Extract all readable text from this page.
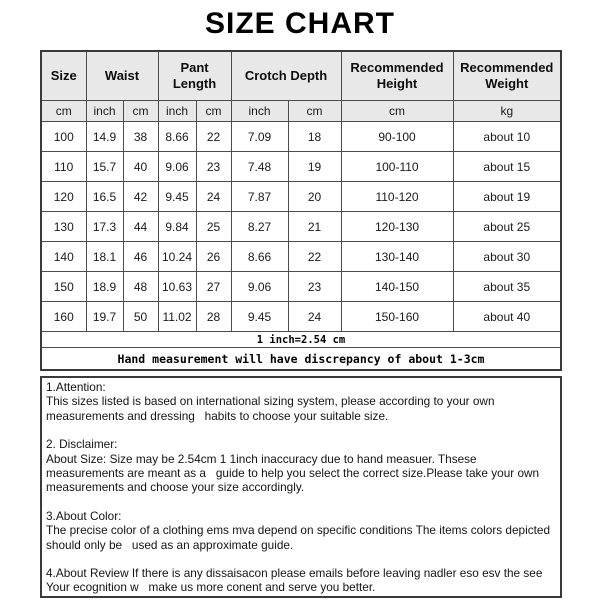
SIZE CHART
Size	Waist		Pant Length		Crotch Depth		Recommended Height	Recommended Weight
cm	inch	cm	inch	cm	inch	cm	cm	kg
100	14.9	38	8.66	22	7.09	18	90-100	about 10
110	15.7	40	9.06	23	7.48	19	100-110	about 15
120	16.5	42	9.45	24	7.87	20	110-120	about 19
130	17.3	44	9.84	25	8.27	21	120-130	about 25
140	18.1	46	10.24	26	8.66	22	130-140	about 30
150	18.9	48	10.63	27	9.06	23	140-150	about 35
160	19.7	50	11.02	28	9.45	24	150-160	about 40
1 inch=2.54 cm								
Hand measurement will have discrepancy of about 1-3cm								
1.Attention:
This sizes listed is based on international sizing system, please according to your own measurements and dressing   habits to choose your suitable size.
2. Disclaimer:
About Size: Size may be 2.54cm 1 1inch inaccuracy due to hand measuer. Thsese measurements are meant as a   guide to help you select the correct size.Please take your own measurements and choose your size accordingly.
3.About Color:
The precise color of a clothing ems mva depend on specific conditions The items colors depicted should only be   used as an approximate guide.
4.About Review If there is any dissaisacon please emails before leaving nadler eso esv the see Your ecognition w   make us more conent and serve you better.
